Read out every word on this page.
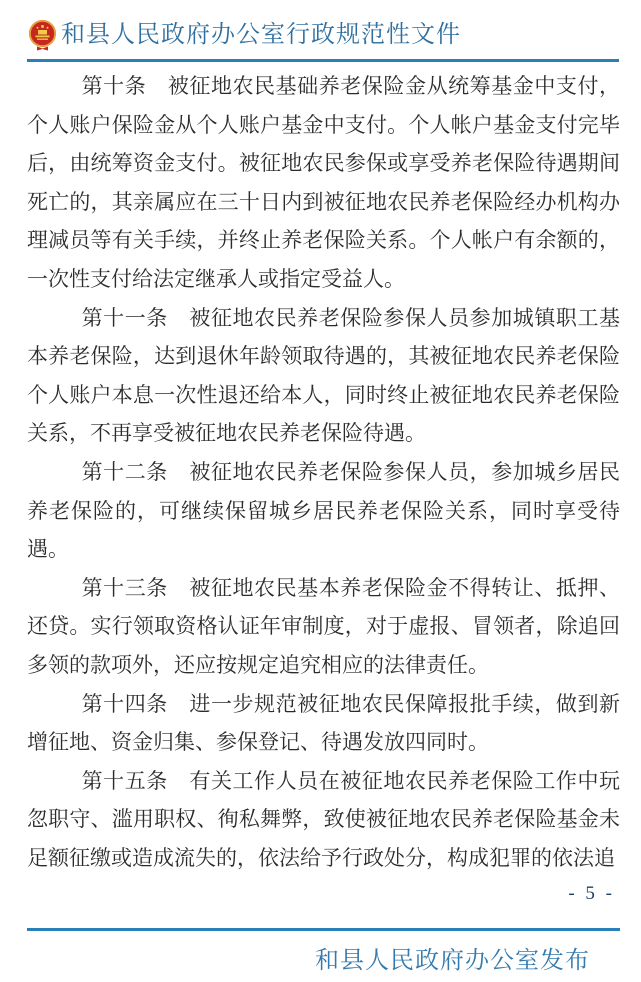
和县人民政府办公室行政规范性文件

第十条　被征地农民基础养老保险金从统筹基金中支付，个人账户保险金从个人账户基金中支付。个人帐户基金支付完毕后，由统筹资金支付。被征地农民参保或享受养老保险待遇期间死亡的，其亲属应在三十日内到被征地农民养老保险经办机构办理减员等有关手续，并终止养老保险关系。个人帐户有余额的，一次性支付给法定继承人或指定受益人。

第十一条　被征地农民养老保险参保人员参加城镇职工基本养老保险，达到退休年龄领取待遇的，其被征地农民养老保险个人账户本息一次性退还给本人，同时终止被征地农民养老保险关系，不再享受被征地农民养老保险待遇。

第十二条　被征地农民养老保险参保人员，参加城乡居民养老保险的，可继续保留城乡居民养老保险关系，同时享受待遇。

第十三条　被征地农民基本养老保险金不得转让、抵押、还贷。实行领取资格认证年审制度，对于虚报、冒领者，除追回多领的款项外，还应按规定追究相应的法律责任。

第十四条　进一步规范被征地农民保障报批手续，做到新增征地、资金归集、参保登记、待遇发放四同时。

第十五条　有关工作人员在被征地农民养老保险工作中玩忽职守、滥用职权、徇私舞弊，致使被征地农民养老保险基金未足额征缴或造成流失的，依法给予行政处分，构成犯罪的依法追

- 5 -
和县人民政府办公室发布
